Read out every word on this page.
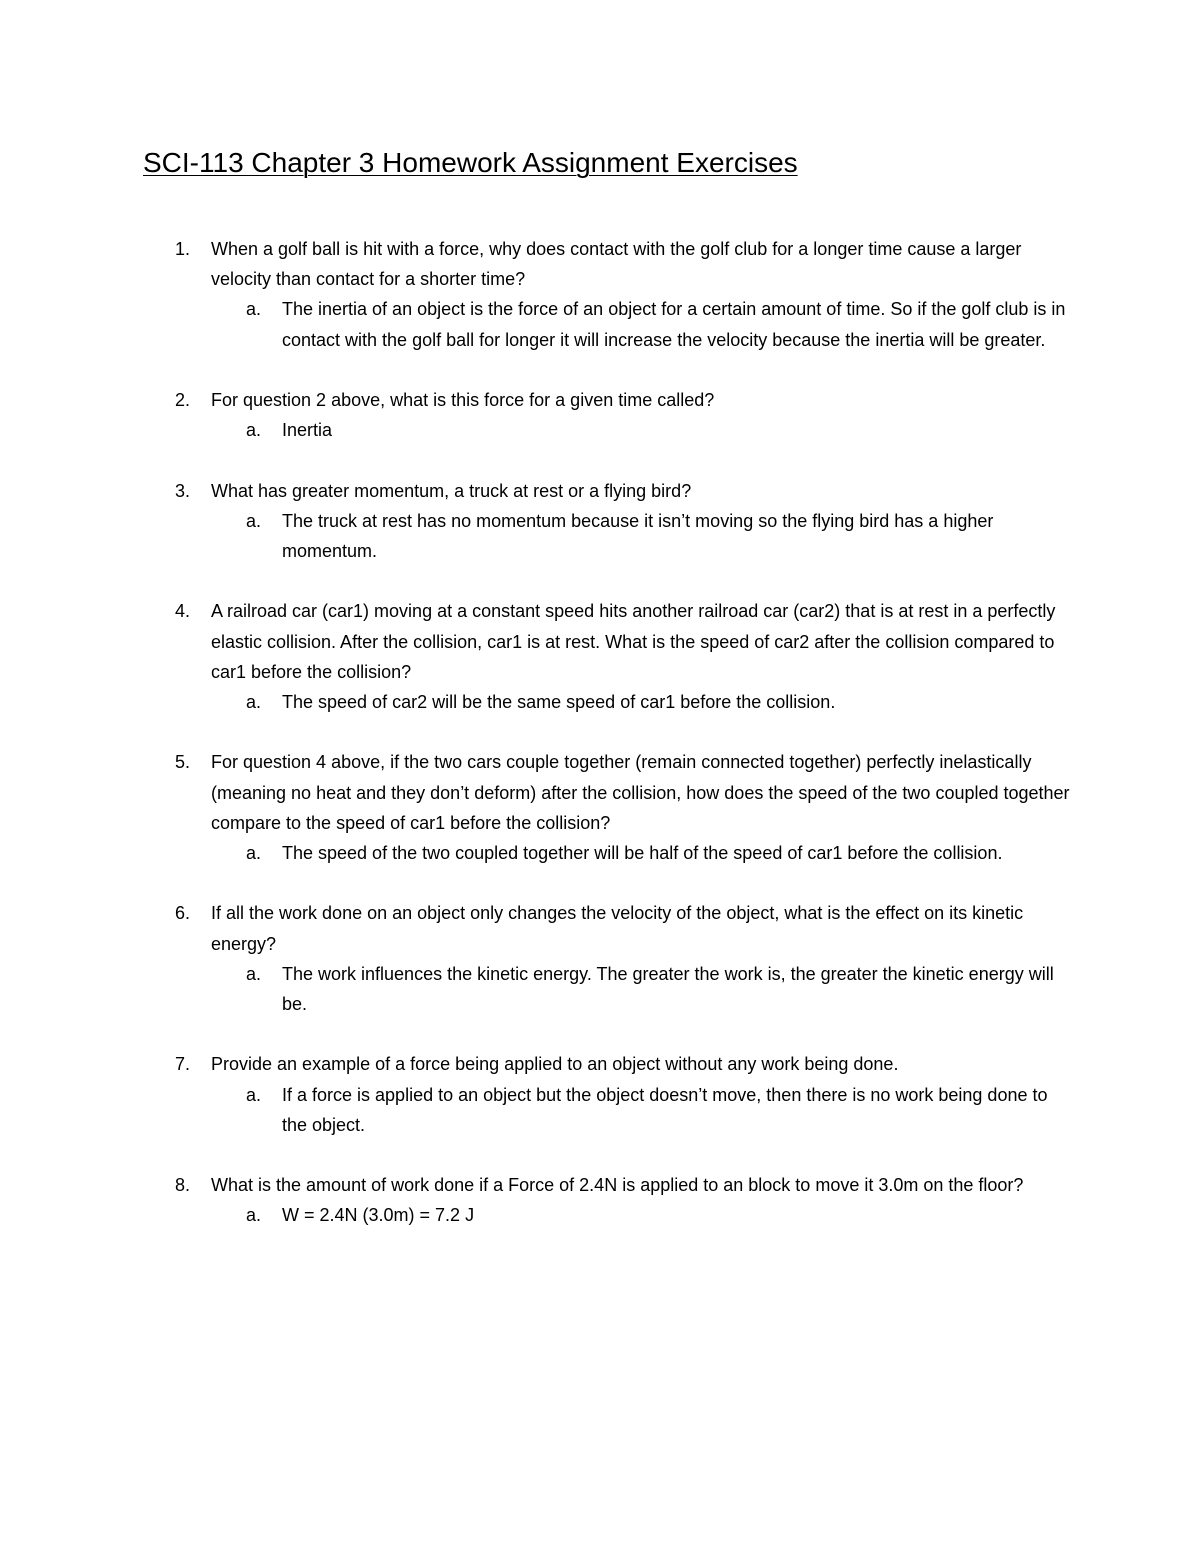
SCI-113 Chapter 3 Homework Assignment Exercises
1.	When a golf ball is hit with a force, why does contact with the golf club for a longer time cause a larger velocity than contact for a shorter time?
a. The inertia of an object is the force of an object for a certain amount of time. So if the golf club is in contact with the golf ball for longer it will increase the velocity because the inertia will be greater.
2.	For question 2 above, what is this force for a given time called?
a. Inertia
3.	What has greater momentum, a truck at rest or a flying bird?
a. The truck at rest has no momentum because it isn’t moving so the flying bird has a higher momentum.
4.	A railroad car (car1) moving at a constant speed hits another railroad car (car2) that is at rest in a perfectly elastic collision. After the collision, car1 is at rest. What is the speed of car2 after the collision compared to car1 before the collision?
a. The speed of car2 will be the same speed of car1 before the collision.
5.	For question 4 above, if the two cars couple together (remain connected together) perfectly inelastically (meaning no heat and they don’t deform) after the collision, how does the speed of the two coupled together compare to the speed of car1 before the collision?
a. The speed of the two coupled together will be half of the speed of car1 before the collision.
6.	If all the work done on an object only changes the velocity of the object, what is the effect on its kinetic energy?
a. The work influences the kinetic energy. The greater the work is, the greater the kinetic energy will be.
7.	Provide an example of a force being applied to an object without any work being done.
a. If a force is applied to an object but the object doesn’t move, then there is no work being done to the object.
8.	What is the amount of work done if a Force of 2.4N is applied to an block to move it 3.0m on the floor?
a. W = 2.4N (3.0m) = 7.2 J
